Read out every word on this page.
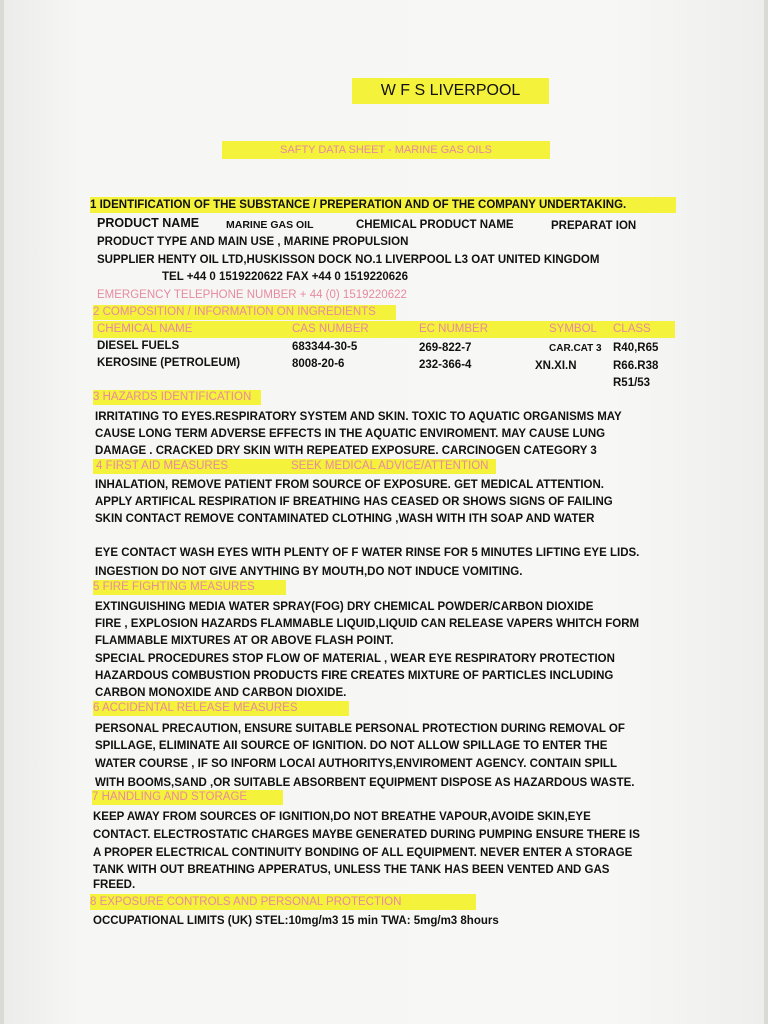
W F S LIVERPOOL
SAFTY DATA SHEET - MARINE GAS OILS
1 IDENTIFICATION OF THE SUBSTANCE / PREPERATION AND OF THE COMPANY UNDERTAKING.
PRODUCT NAME	MARINE GAS OIL	CHEMICAL PRODUCT NAME	PREPARAT ION
PRODUCT TYPE AND MAIN USE , MARINE PROPULSION
SUPPLIER HENTY OIL LTD,HUSKISSON DOCK NO.1 LIVERPOOL L3 OAT UNITED KINGDOM
TEL +44 0 1519220622 FAX +44 0 1519220626
EMERGENCY TELEPHONE NUMBER + 44 (0) 1519220622
2 COMPOSITION / INFORMATION ON INGREDIENTS
CHEMICAL NAME	CAS NUMBER	EC NUMBER	SYMBOL CLASS
DIESEL FUELS	683344-30-5	269-822-7	CAR.CAT 3 R40,R65
KEROSINE (PETROLEUM)	8008-20-6	232-366-4	XN.XI.N	R66.R38
R51/53
3 HAZARDS IDENTIFICATION
IRRITATING TO EYES.RESPIRATORY SYSTEM AND SKIN. TOXIC TO AQUATIC ORGANISMS MAY
CAUSE LONG TERM ADVERSE EFFECTS IN THE AQUATIC ENVIROMENT. MAY CAUSE LUNG
DAMAGE . CRACKED DRY SKIN WITH REPEATED EXPOSURE. CARCINOGEN CATEGORY 3
4 FIRST AID MEASURES	SEEK MEDICAL ADVICE/ATTENTION
INHALATION, REMOVE PATIENT FROM SOURCE OF EXPOSURE. GET MEDICAL ATTENTION.
APPLY ARTIFICAL RESPIRATION IF BREATHING HAS CEASED OR SHOWS SIGNS OF FAILING
SKIN CONTACT REMOVE CONTAMINATED CLOTHING ,WASH WITH ITH SOAP AND WATER
EYE CONTACT WASH EYES WITH PLENTY OF F WATER RINSE FOR 5 MINUTES LIFTING EYE LIDS.
INGESTION DO NOT GIVE ANYTHING BY MOUTH,DO NOT INDUCE VOMITING.
5 FIRE FIGHTING MEASURES
EXTINGUISHING MEDIA WATER SPRAY(FOG) DRY CHEMICAL POWDER/CARBON DIOXIDE
FIRE , EXPLOSION HAZARDS FLAMMABLE LIQUID,LIQUID CAN RELEASE VAPERS WHITCH FORM
FLAMMABLE MIXTURES AT OR ABOVE FLASH POINT.
SPECIAL PROCEDURES STOP FLOW OF MATERIAL , WEAR EYE RESPIRATORY PROTECTION
HAZARDOUS COMBUSTION PRODUCTS FIRE CREATES MIXTURE OF PARTICLES INCLUDING
CARBON MONOXIDE AND CARBON DIOXIDE.
6 ACCIDENTAL RELEASE MEASURES
PERSONAL PRECAUTION, ENSURE SUITABLE PERSONAL PROTECTION DURING REMOVAL OF
SPILLAGE, ELIMINATE AII SOURCE OF IGNITION. DO NOT ALLOW SPILLAGE TO ENTER THE
WATER COURSE , IF SO INFORM LOCAl AUTHORITYS,ENVIROMENT AGENCY. CONTAIN SPILL
WITH BOOMS,SAND ,OR SUITABLE ABSORBENT EQUIPMENT DISPOSE AS HAZARDOUS WASTE.
7 HANDLING AND STORAGE
KEEP AWAY FROM SOURCES OF IGNITION,DO NOT BREATHE VAPOUR,AVOIDE SKIN,EYE
CONTACT. ELECTROSTATIC CHARGES MAYBE GENERATED DURING PUMPING ENSURE THERE IS
A PROPER ELECTRICAL CONTINUITY BONDING OF ALL EQUIPMENT. NEVER ENTER A STORAGE
TANK WITH OUT BREATHING APPERATUS, UNLESS THE TANK HAS BEEN VENTED AND GAS
FREED.
8 EXPOSURE CONTROLS AND PERSONAL PROTECTION
OCCUPATIONAL LIMITS (UK) STEL:10mg/m3 15 min TWA: 5mg/m3 8hours
